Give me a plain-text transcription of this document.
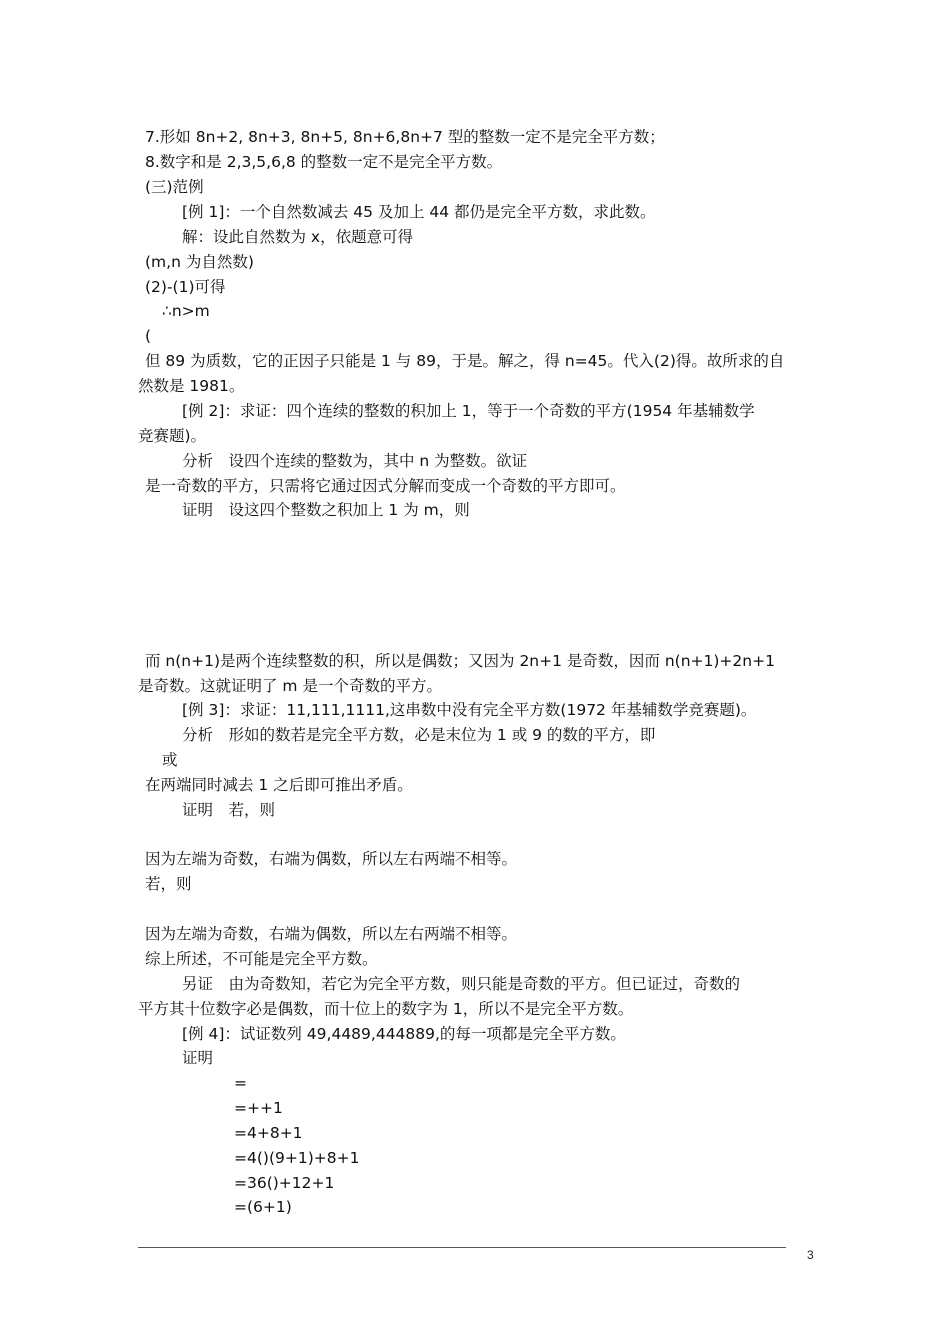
7.形如 8n+2, 8n+3, 8n+5, 8n+6,8n+7 型的整数一定不是完全平方数；
8.数字和是 2,3,5,6,8 的整数一定不是完全平方数。
(三)范例
[例 1]：一个自然数减去 45 及加上 44 都仍是完全平方数，求此数。
解：设此自然数为 x，依题意可得
(m,n 为自然数)
(2)-(1)可得
∴n>m
(
但 89 为质数，它的正因子只能是 1 与 89，于是。解之，得 n=45。代入(2)得。故所求的自
然数是 1981。
[例 2]：求证：四个连续的整数的积加上 1，等于一个奇数的平方(1954 年基辅数学
竞赛题)。
分析　设四个连续的整数为，其中 n 为整数。欲证
是一奇数的平方，只需将它通过因式分解而变成一个奇数的平方即可。
证明　设这四个整数之积加上 1 为 m，则
而 n(n+1)是两个连续整数的积，所以是偶数；又因为 2n+1 是奇数，因而 n(n+1)+2n+1
是奇数。这就证明了 m 是一个奇数的平方。
[例 3]：求证：11,111,1111,这串数中没有完全平方数(1972 年基辅数学竞赛题)。
分析　形如的数若是完全平方数，必是末位为 1 或 9 的数的平方，即
或
在两端同时减去 1 之后即可推出矛盾。
证明　若，则
因为左端为奇数，右端为偶数，所以左右两端不相等。
若，则
因为左端为奇数，右端为偶数，所以左右两端不相等。
综上所述，不可能是完全平方数。
另证　由为奇数知，若它为完全平方数，则只能是奇数的平方。但已证过，奇数的
平方其十位数字必是偶数，而十位上的数字为 1，所以不是完全平方数。
[例 4]：试证数列 49,4489,444889,的每一项都是完全平方数。
证明
=
=++1
=4+8+1
=4()(9+1)+8+1
=36()+12+1
=(6+1)
3
